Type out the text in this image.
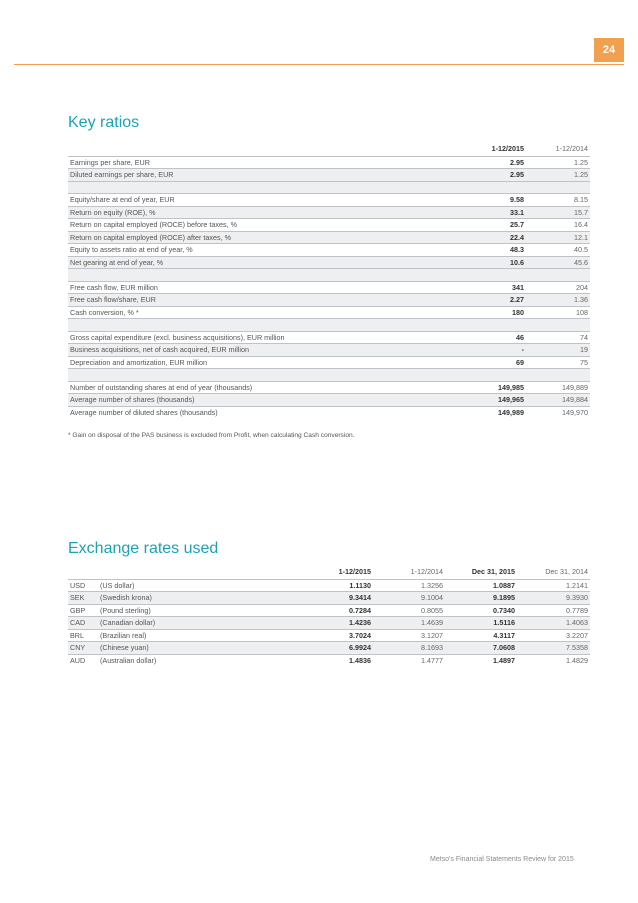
24
Key ratios
	1-12/2015	1-12/2014
Earnings per share, EUR	2.95	1.25
Diluted earnings per share, EUR	2.95	1.25

Equity/share at end of year, EUR	9.58	8.15
Return on equity (ROE), %	33.1	15.7
Return on capital employed (ROCE) before taxes, %	25.7	16.4
Return on capital employed (ROCE) after taxes, %	22.4	12.1
Equity to assets ratio at end of year, %	48.3	40.5
Net gearing at end of year, %	10.6	45.6

Free cash flow, EUR million	341	204
Free cash flow/share, EUR	2.27	1.36
Cash conversion, % *	180	108

Gross capital expenditure (excl. business acquisitions), EUR million	46	74
Business acquisitions, net of cash acquired, EUR million	-	19
Depreciation and amortization, EUR million	69	75

Number of outstanding shares at end of year (thousands)	149,985	149,889
Average number of shares (thousands)	149,965	149,884
Average number of diluted shares (thousands)	149,989	149,970
* Gain on disposal of the PAS business is excluded from Profit, when calculating Cash conversion.
Exchange rates used
		1-12/2015	1-12/2014	Dec 31, 2015	Dec 31, 2014
USD	(US dollar)	1.1130	1.3256	1.0887	1.2141
SEK	(Swedish krona)	9.3414	9.1004	9.1895	9.3930
GBP	(Pound sterling)	0.7284	0.8055	0.7340	0.7789
CAD	(Canadian dollar)	1.4236	1.4639	1.5116	1.4063
BRL	(Brazilian real)	3.7024	3.1207	4.3117	3.2207
CNY	(Chinese yuan)	6.9924	8.1693	7.0608	7.5358
AUD	(Australian dollar)	1.4836	1.4777	1.4897	1.4829
Metso's Financial Statements Review for 2015
